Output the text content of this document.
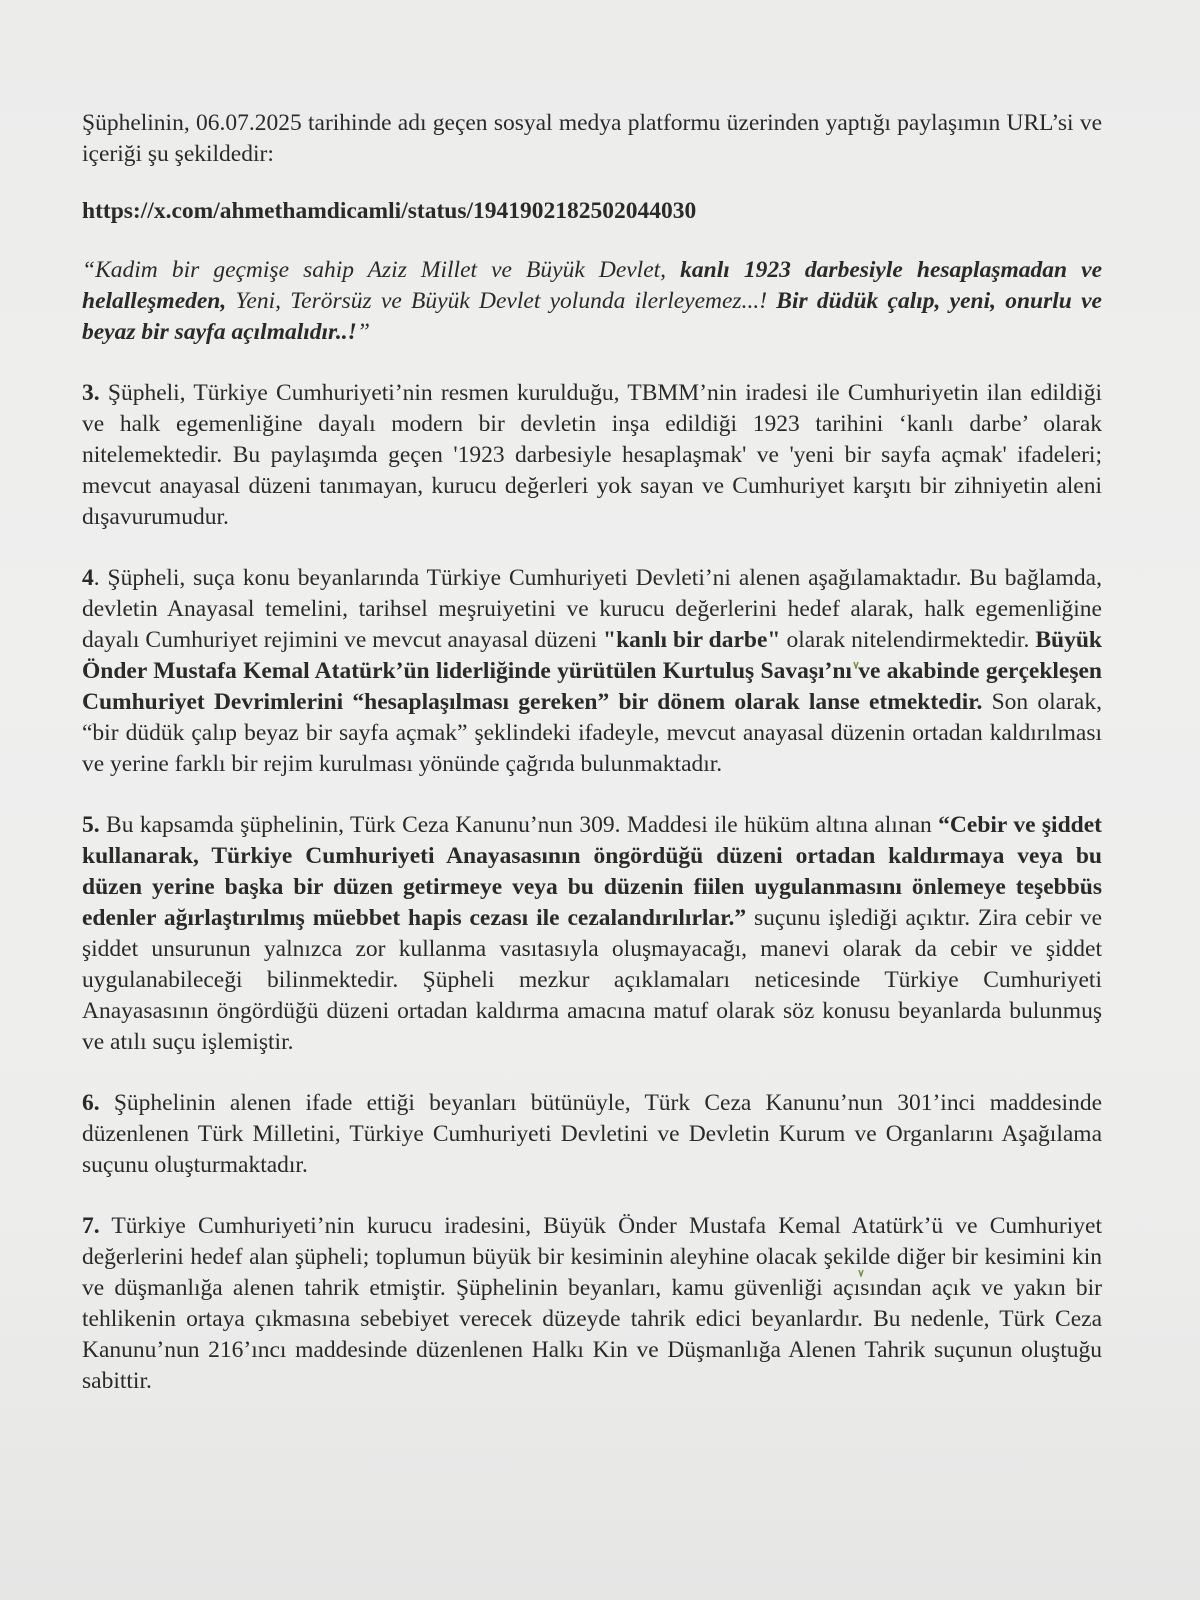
Şüphelinin, 06.07.2025 tarihinde adı geçen sosyal medya platformu üzerinden yaptığı paylaşımın URL’si ve içeriği şu şekildedir:

https://x.com/ahmethamdicamli/status/1941902182502044030

“Kadim bir geçmişe sahip Aziz Millet ve Büyük Devlet, kanlı 1923 darbesiyle hesaplaşmadan ve helalleşmeden, Yeni, Terörsüz ve Büyük Devlet yolunda ilerleyemez...! Bir düdük çalıp, yeni, onurlu ve beyaz bir sayfa açılmalıdır..!”

3. Şüpheli, Türkiye Cumhuriyeti’nin resmen kurulduğu, TBMM’nin iradesi ile Cumhuriyetin ilan edildiği ve halk egemenliğine dayalı modern bir devletin inşa edildiği 1923 tarihini ‘kanlı darbe’ olarak nitelemektedir. Bu paylaşımda geçen '1923 darbesiyle hesaplaşmak' ve 'yeni bir sayfa açmak' ifadeleri; mevcut anayasal düzeni tanımayan, kurucu değerleri yok sayan ve Cumhuriyet karşıtı bir zihniyetin aleni dışavurumudur.

4. Şüpheli, suça konu beyanlarında Türkiye Cumhuriyeti Devleti’ni alenen aşağılamaktadır. Bu bağlamda, devletin Anayasal temelini, tarihsel meşruiyetini ve kurucu değerlerini hedef alarak, halk egemenliğine dayalı Cumhuriyet rejimini ve mevcut anayasal düzeni "kanlı bir darbe" olarak nitelendirmektedir. Büyük Önder Mustafa Kemal Atatürk’ün liderliğinde yürütülen Kurtuluş Savaşı’nı ve akabinde gerçekleşen Cumhuriyet Devrimlerini “hesaplaşılması gereken” bir dönem olarak lanse etmektedir. Son olarak, “bir düdük çalıp beyaz bir sayfa açmak” şeklindeki ifadeyle, mevcut anayasal düzenin ortadan kaldırılması ve yerine farklı bir rejim kurulması yönünde çağrıda bulunmaktadır.

5. Bu kapsamda şüphelinin, Türk Ceza Kanunu’nun 309. Maddesi ile hüküm altına alınan “Cebir ve şiddet kullanarak, Türkiye Cumhuriyeti Anayasasının öngördüğü düzeni ortadan kaldırmaya veya bu düzen yerine başka bir düzen getirmeye veya bu düzenin fiilen uygulanmasını önlemeye teşebbüs edenler ağırlaştırılmış müebbet hapis cezası ile cezalandırılırlar.” suçunu işlediği açıktır. Zira cebir ve şiddet unsurunun yalnızca zor kullanma vasıtasıyla oluşmayacağı, manevi olarak da cebir ve şiddet uygulanabileceği bilinmektedir. Şüpheli mezkur açıklamaları neticesinde Türkiye Cumhuriyeti Anayasasının öngördüğü düzeni ortadan kaldırma amacına matuf olarak söz konusu beyanlarda bulunmuş ve atılı suçu işlemiştir.

6. Şüphelinin alenen ifade ettiği beyanları bütünüyle, Türk Ceza Kanunu’nun 301’inci maddesinde düzenlenen Türk Milletini, Türkiye Cumhuriyeti Devletini ve Devletin Kurum ve Organlarını Aşağılama suçunu oluşturmaktadır.

7. Türkiye Cumhuriyeti’nin kurucu iradesini, Büyük Önder Mustafa Kemal Atatürk’ü ve Cumhuriyet değerlerini hedef alan şüpheli; toplumun büyük bir kesiminin aleyhine olacak şekilde diğer bir kesimini kin ve düşmanlığa alenen tahrik etmiştir. Şüphelinin beyanları, kamu güvenliği açısından açık ve yakın bir tehlikenin ortaya çıkmasına sebebiyet verecek düzeyde tahrik edici beyanlardır. Bu nedenle, Türk Ceza Kanunu’nun 216’ıncı maddesinde düzenlenen Halkı Kin ve Düşmanlığa Alenen Tahrik suçunun oluştuğu sabittir.
